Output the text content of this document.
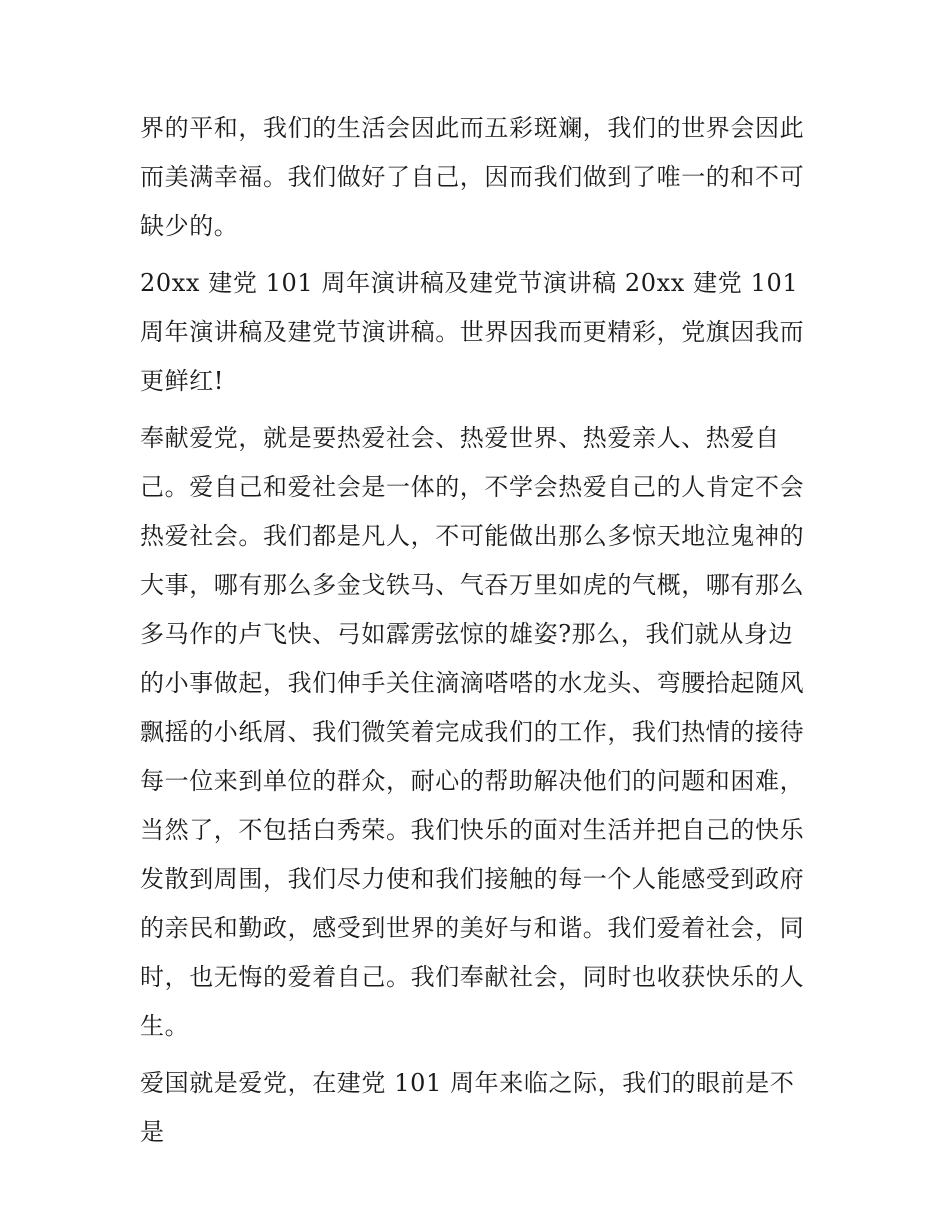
界的平和，我们的生活会因此而五彩斑斓，我们的世界会因此而美满幸福。我们做好了自己，因而我们做到了唯一的和不可缺少的。

20xx 建党 101 周年演讲稿及建党节演讲稿 20xx 建党 101 周年演讲稿及建党节演讲稿。世界因我而更精彩，党旗因我而更鲜红!

奉献爱党，就是要热爱社会、热爱世界、热爱亲人、热爱自己。爱自己和爱社会是一体的，不学会热爱自己的人肯定不会热爱社会。我们都是凡人，不可能做出那么多惊天地泣鬼神的大事，哪有那么多金戈铁马、气吞万里如虎的气概，哪有那么多马作的卢飞快、弓如霹雳弦惊的雄姿?那么，我们就从身边的小事做起，我们伸手关住滴滴嗒嗒的水龙头、弯腰拾起随风飘摇的小纸屑、我们微笑着完成我们的工作，我们热情的接待每一位来到单位的群众，耐心的帮助解决他们的问题和困难，当然了，不包括白秀荣。我们快乐的面对生活并把自己的快乐发散到周围，我们尽力使和我们接触的每一个人能感受到政府的亲民和勤政，感受到世界的美好与和谐。我们爱着社会，同时，也无悔的爱着自己。我们奉献社会，同时也收获快乐的人生。

爱国就是爱党，在建党 101 周年来临之际，我们的眼前是不是
